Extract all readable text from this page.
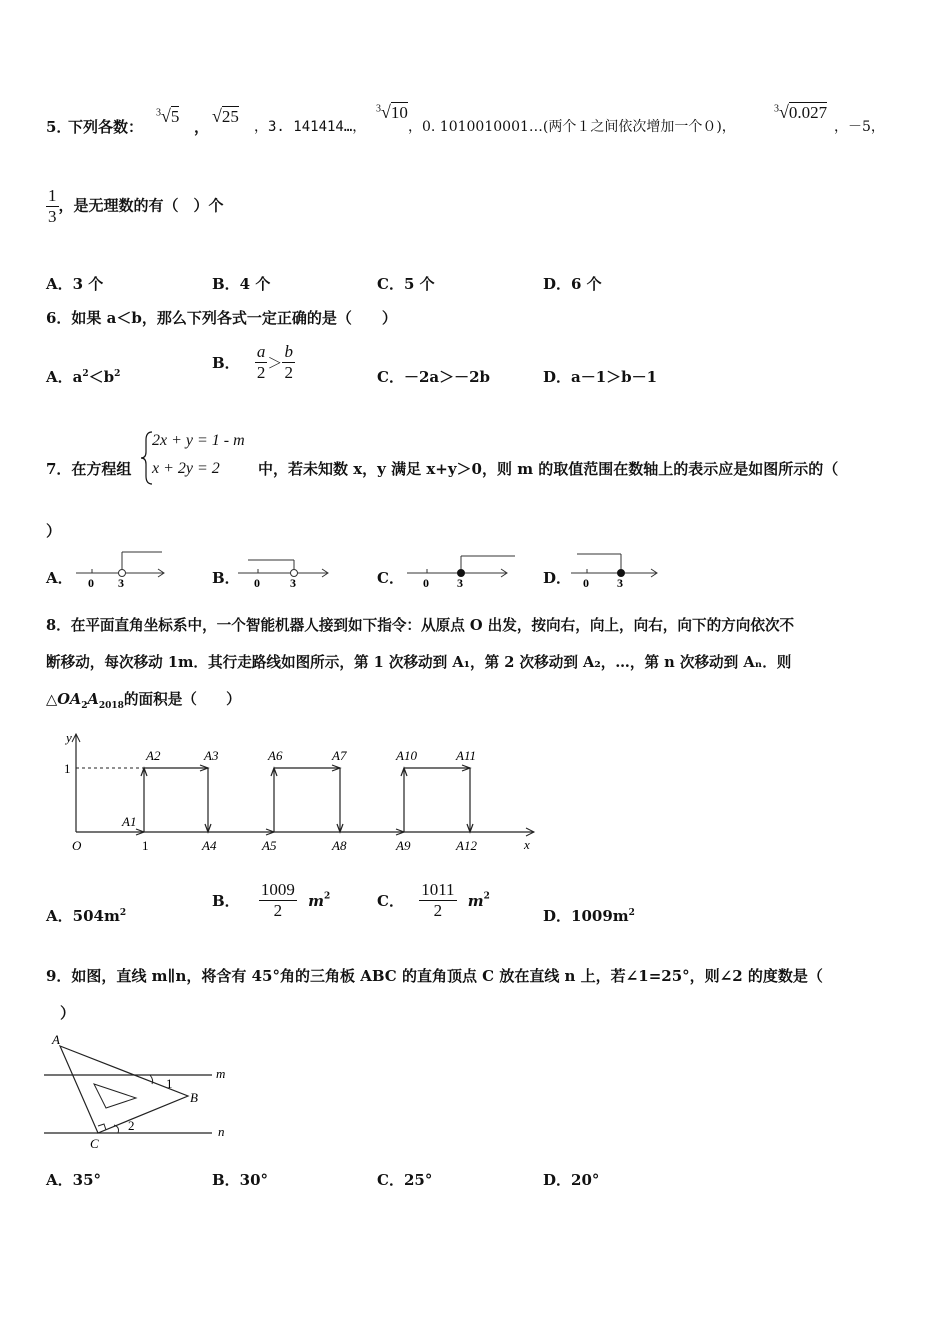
5．
下列各数：
$^3$√5
，
√25
，3. 141414…，
$^3$√10
，0. 1010010001…(两个１之间依次增加一个０)，
$^3$√0.027
，－5，
$\frac{1}{3}$ ，是无理数的有（　）个
A．3 个	B．4 个	C．5 个	D．6 个
6．如果 a＜b，那么下列各式一定正确的是（　　）
A．$a^2<b^2$
B． $\frac{a}{2} > \frac{b}{2}$	C．－2a＞－2b	D．a－1＞b－1
7．在方程组
2x + y = 1 - m
x + 2y = 2	中，若未知数 x，y 满足 x+y＞0，则 m 的取值范围在数轴上的表示应是如图所示的（
）
A． 0 3	B． 0	3	C． 0 3	D． 0 3
8．在平面直角坐标系中，一个智能机器人接到如下指令：从原点 O 出发，按向右，向上，向右，向下的方向依次不
断移动，每次移动 1m．其行走路线如图所示，第 1 次移动到 A₁，第 2 次移动到 A₂，…，第 n 次移动到 Aₙ．则
$\triangle OA_2A_{2018}$的面积是（　　）
y
x
O
1
1
A1
A2	A3
A4	A5
A6	A7
A8	A9
A10	A11
A12
A．$504m^2$
B． $\frac{1009}{2} m^2$	C． $\frac{1011}{2} m^2$
D．$1009m^2$
9．如图，直线 m∥n，将含有 45°角的三角板 ABC 的直角顶点 C 放在直线 n 上，若∠1=25°，则∠2 的度数是（
）
m
n
A
B
C
1
2
A．35°	B．30°	C．25°	D．20°
